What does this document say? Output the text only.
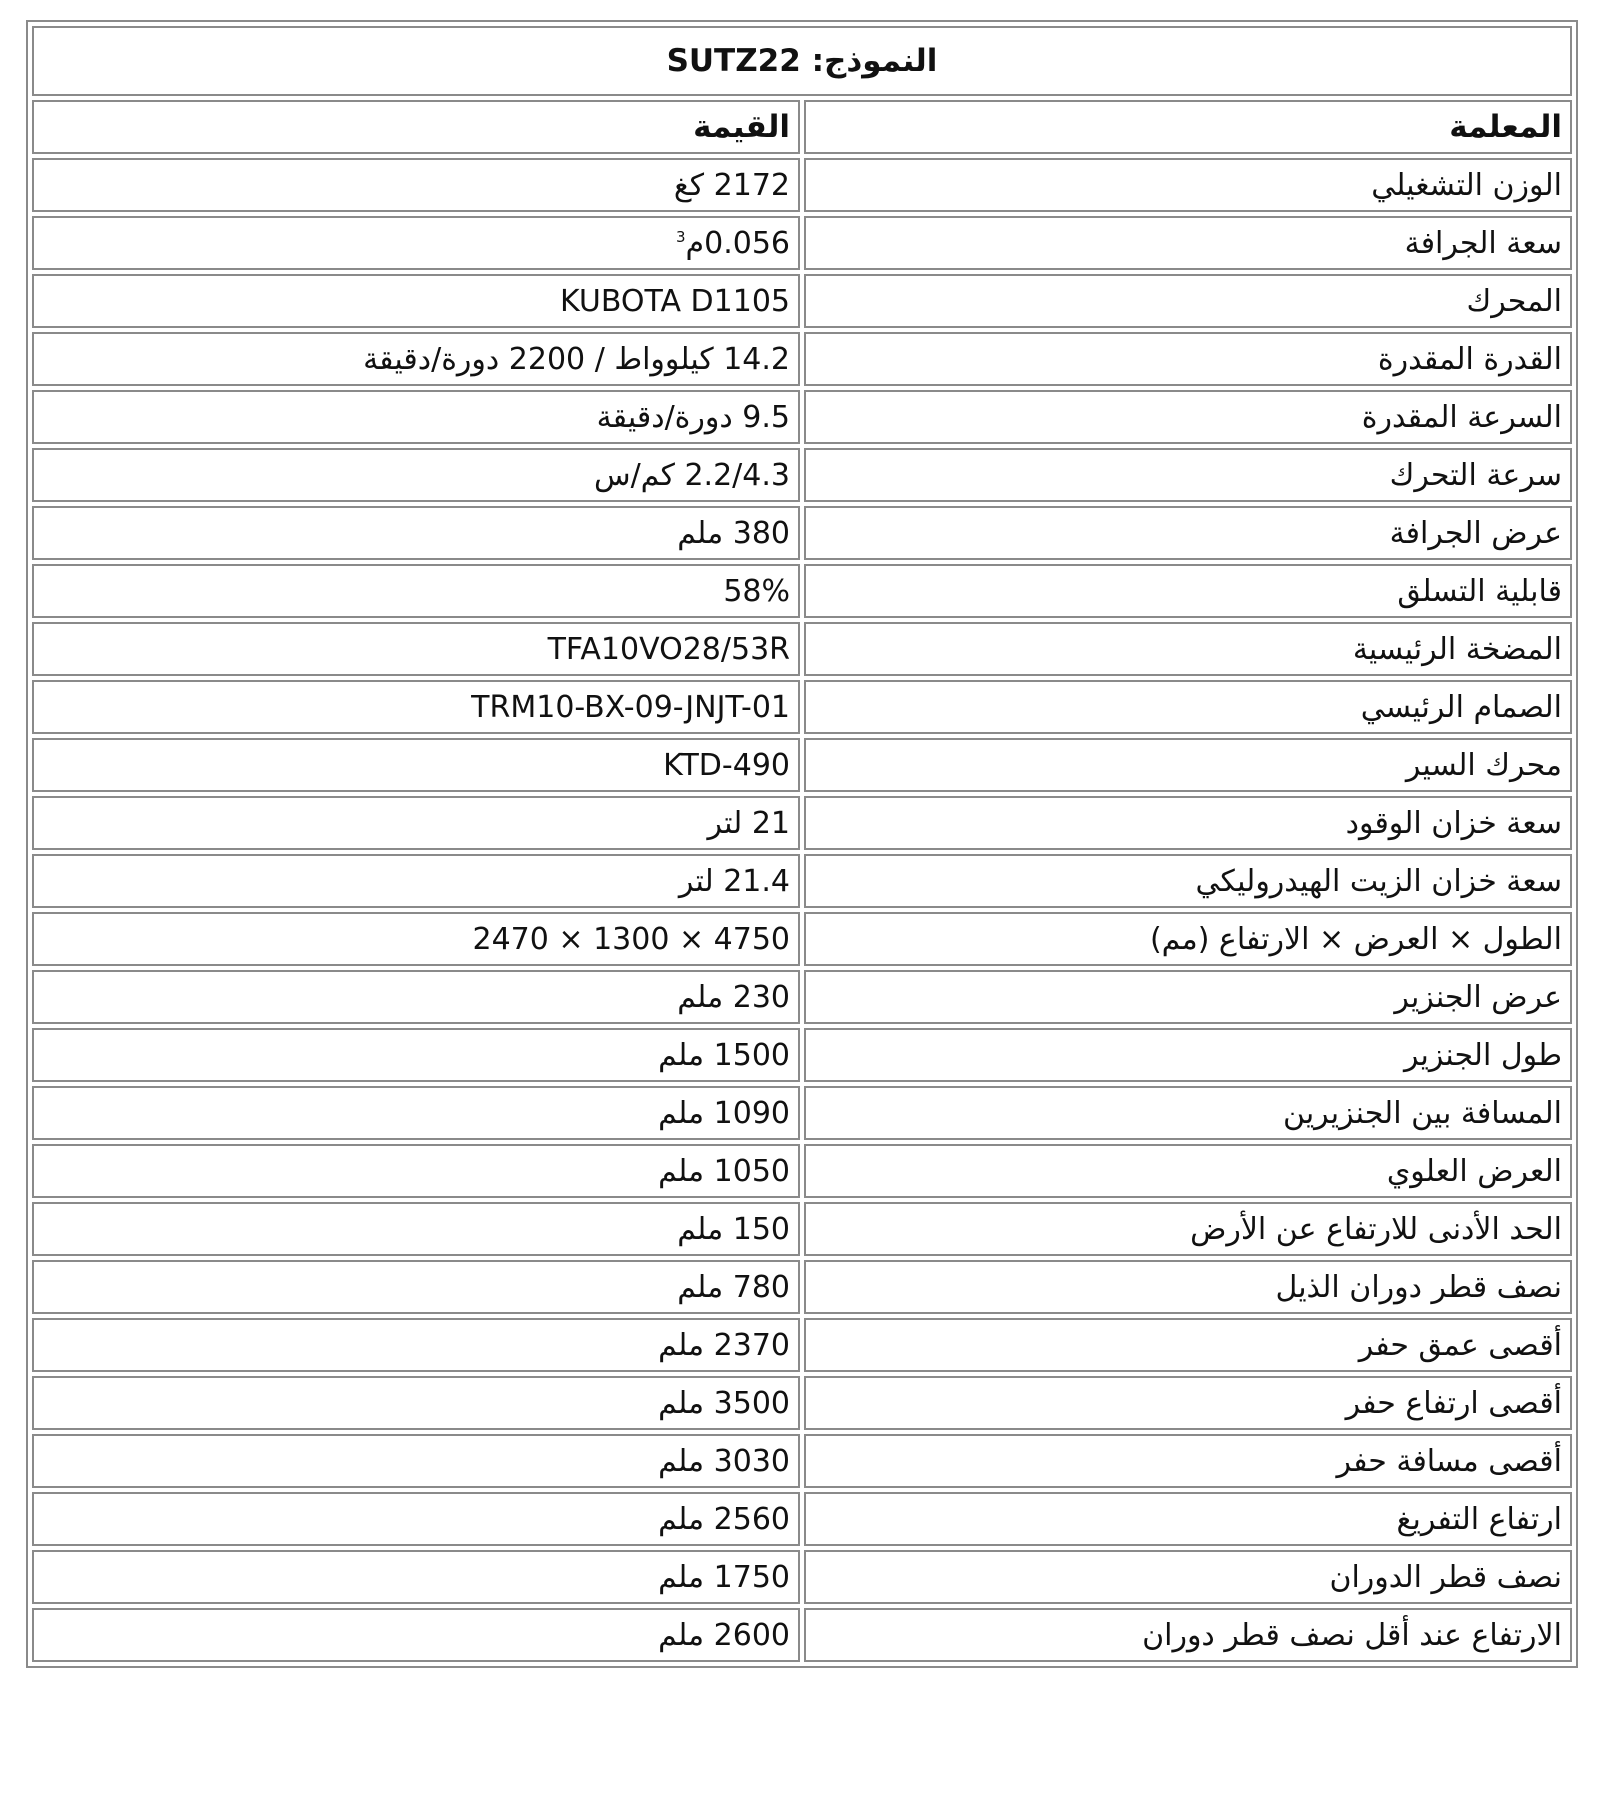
النموذج: SUTZ22	
المعلمة	القيمة
الوزن التشغيلي	2172 كغ
سعة الجرافة	0.056م$^3$
المحرك	KUBOTA D1105
القدرة المقدرة	14.2 كيلوواط / 2200 دورة/دقيقة
السرعة المقدرة	9.5 دورة/دقيقة
سرعة التحرك	2.2/4.3 كم/س
عرض الجرافة	380 ملم
قابلية التسلق	58%
المضخة الرئيسية	TFA10VO28/53R
الصمام الرئيسي	TRM10-BX-09-JNJT-01
محرك السير	KTD-490
سعة خزان الوقود	21 لتر
سعة خزان الزيت الهيدروليكي	21.4 لتر
الطول × العرض × الارتفاع (مم)	4750 × 1300 × 2470
عرض الجنزير	230 ملم
طول الجنزير	1500 ملم
المسافة بين الجنزيرين	1090 ملم
العرض العلوي	1050 ملم
الحد الأدنى للارتفاع عن الأرض	150 ملم
نصف قطر دوران الذيل	780 ملم
أقصى عمق حفر	2370 ملم
أقصى ارتفاع حفر	3500 ملم
أقصى مسافة حفر	3030 ملم
ارتفاع التفريغ	2560 ملم
نصف قطر الدوران	1750 ملم
الارتفاع عند أقل نصف قطر دوران	2600 ملم
